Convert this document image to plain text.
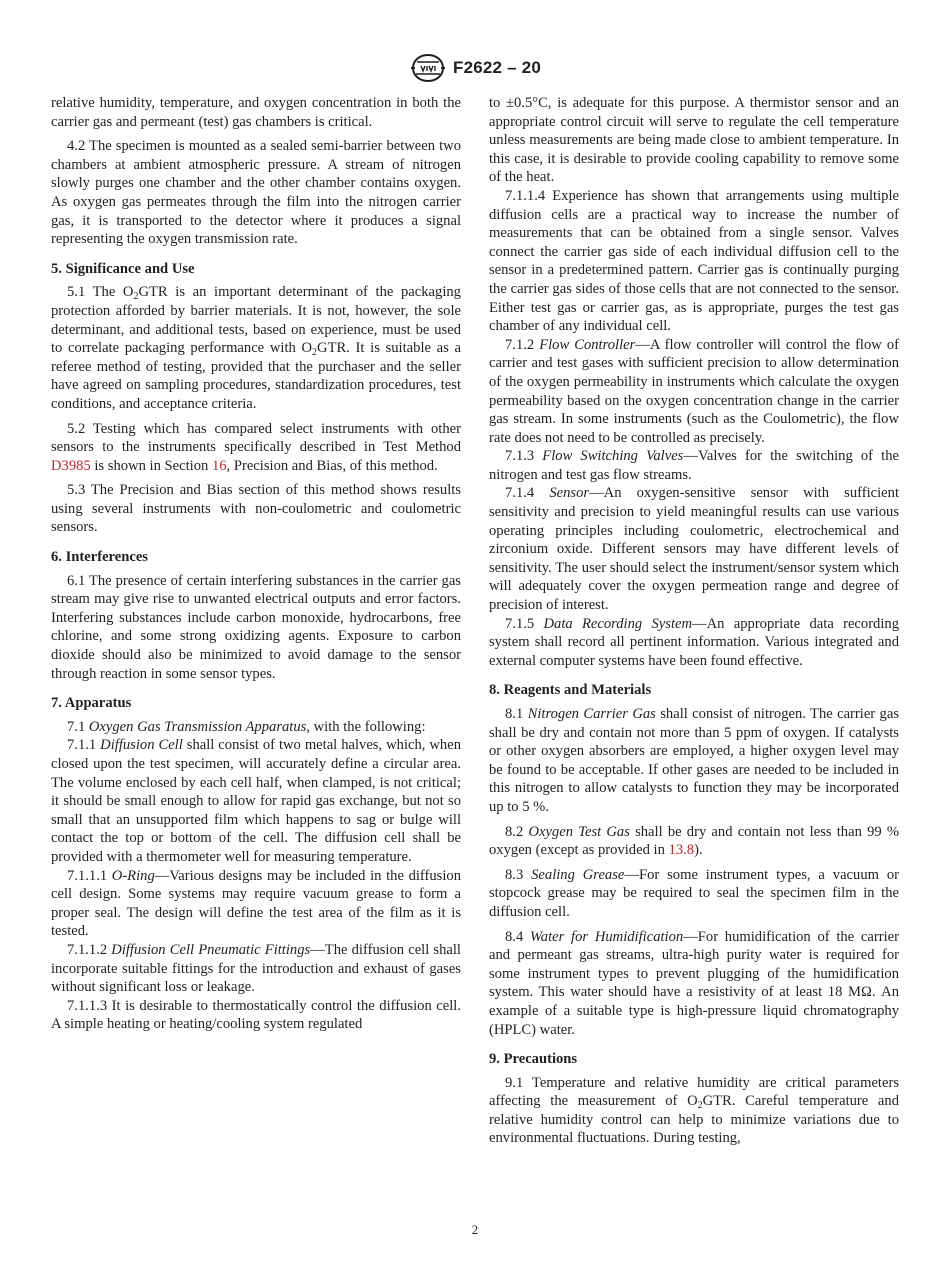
F2622 – 20

relative humidity, temperature, and oxygen concentration in both the carrier gas and permeant (test) gas chambers is critical.

4.2 The specimen is mounted as a sealed semi-barrier between two chambers at ambient atmospheric pressure. A stream of nitrogen slowly purges one chamber and the other chamber contains oxygen. As oxygen gas permeates through the film into the nitrogen carrier gas, it is transported to the detector where it produces a signal representing the oxygen transmission rate.

5. Significance and Use

5.1 The $O_2GTR$ is an important determinant of the packaging protection afforded by barrier materials. It is not, however, the sole determinant, and additional tests, based on experience, must be used to correlate packaging performance with $O_2GTR$. It is suitable as a referee method of testing, provided that the purchaser and the seller have agreed on sampling procedures, standardization procedures, test conditions, and acceptance criteria.

5.2 Testing which has compared select instruments with other sensors to the instruments specifically described in Test Method D3985 is shown in Section 16, Precision and Bias, of this method.

5.3 The Precision and Bias section of this method shows results using several instruments with non-coulometric and coulometric sensors.

6. Interferences

6.1 The presence of certain interfering substances in the carrier gas stream may give rise to unwanted electrical outputs and error factors. Interfering substances include carbon monoxide, hydrocarbons, free chlorine, and some strong oxidizing agents. Exposure to carbon dioxide should also be minimized to avoid damage to the sensor through reaction in some sensor types.

7. Apparatus

7.1 Oxygen Gas Transmission Apparatus, with the following:

7.1.1 Diffusion Cell shall consist of two metal halves, which, when closed upon the test specimen, will accurately define a circular area. The volume enclosed by each cell half, when clamped, is not critical; it should be small enough to allow for rapid gas exchange, but not so small that an unsupported film which happens to sag or bulge will contact the top or bottom of the cell. The diffusion cell shall be provided with a thermometer well for measuring temperature.

7.1.1.1 O-Ring—Various designs may be included in the diffusion cell design. Some systems may require vacuum grease to form a proper seal. The design will define the test area of the film as it is tested.

7.1.1.2 Diffusion Cell Pneumatic Fittings—The diffusion cell shall incorporate suitable fittings for the introduction and exhaust of gases without significant loss or leakage.

7.1.1.3 It is desirable to thermostatically control the diffusion cell. A simple heating or heating/cooling system regulated

to ±0.5°C, is adequate for this purpose. A thermistor sensor and an appropriate control circuit will serve to regulate the cell temperature unless measurements are being made close to ambient temperature. In this case, it is desirable to provide cooling capability to remove some of the heat.

7.1.1.4 Experience has shown that arrangements using multiple diffusion cells are a practical way to increase the number of measurements that can be obtained from a single sensor. Valves connect the carrier gas side of each individual diffusion cell to the sensor in a predetermined pattern. Carrier gas is continually purging the carrier gas sides of those cells that are not connected to the sensor. Either test gas or carrier gas, as is appropriate, purges the test gas chamber of any individual cell.

7.1.2 Flow Controller—A flow controller will control the flow of carrier and test gases with sufficient precision to allow determination of the oxygen permeability in instruments which calculate the oxygen permeability based on the oxygen concentration change in the carrier gas stream. In some instruments (such as the Coulometric), the flow rate does not need to be controlled as precisely.

7.1.3 Flow Switching Valves—Valves for the switching of the nitrogen and test gas flow streams.

7.1.4 Sensor—An oxygen-sensitive sensor with sufficient sensitivity and precision to yield meaningful results can use various operating principles including coulometric, electrochemical and zirconium oxide. Different sensors may have different levels of sensitivity. The user should select the instrument/sensor system which will adequately cover the oxygen permeation range and degree of precision of interest.

7.1.5 Data Recording System—An appropriate data recording system shall record all pertinent information. Various integrated and external computer systems have been found effective.

8. Reagents and Materials

8.1 Nitrogen Carrier Gas shall consist of nitrogen. The carrier gas shall be dry and contain not more than 5 ppm of oxygen. If catalysts or other oxygen absorbers are employed, a higher oxygen level may be found to be acceptable. If other gases are needed to be included in this nitrogen to allow catalysts to function they may be incorporated up to 5 %.

8.2 Oxygen Test Gas shall be dry and contain not less than 99 % oxygen (except as provided in 13.8).

8.3 Sealing Grease—For some instrument types, a vacuum or stopcock grease may be required to seal the specimen film in the diffusion cell.

8.4 Water for Humidification—For humidification of the carrier and permeant gas streams, ultra-high purity water is required for some instrument types to prevent plugging of the humidification system. This water should have a resistivity of at least 18 MΩ. An example of a suitable type is high-pressure liquid chromatography (HPLC) water.

9. Precautions

9.1 Temperature and relative humidity are critical parameters affecting the measurement of $O_2GTR$. Careful temperature and relative humidity control can help to minimize variations due to environmental fluctuations. During testing,

2
